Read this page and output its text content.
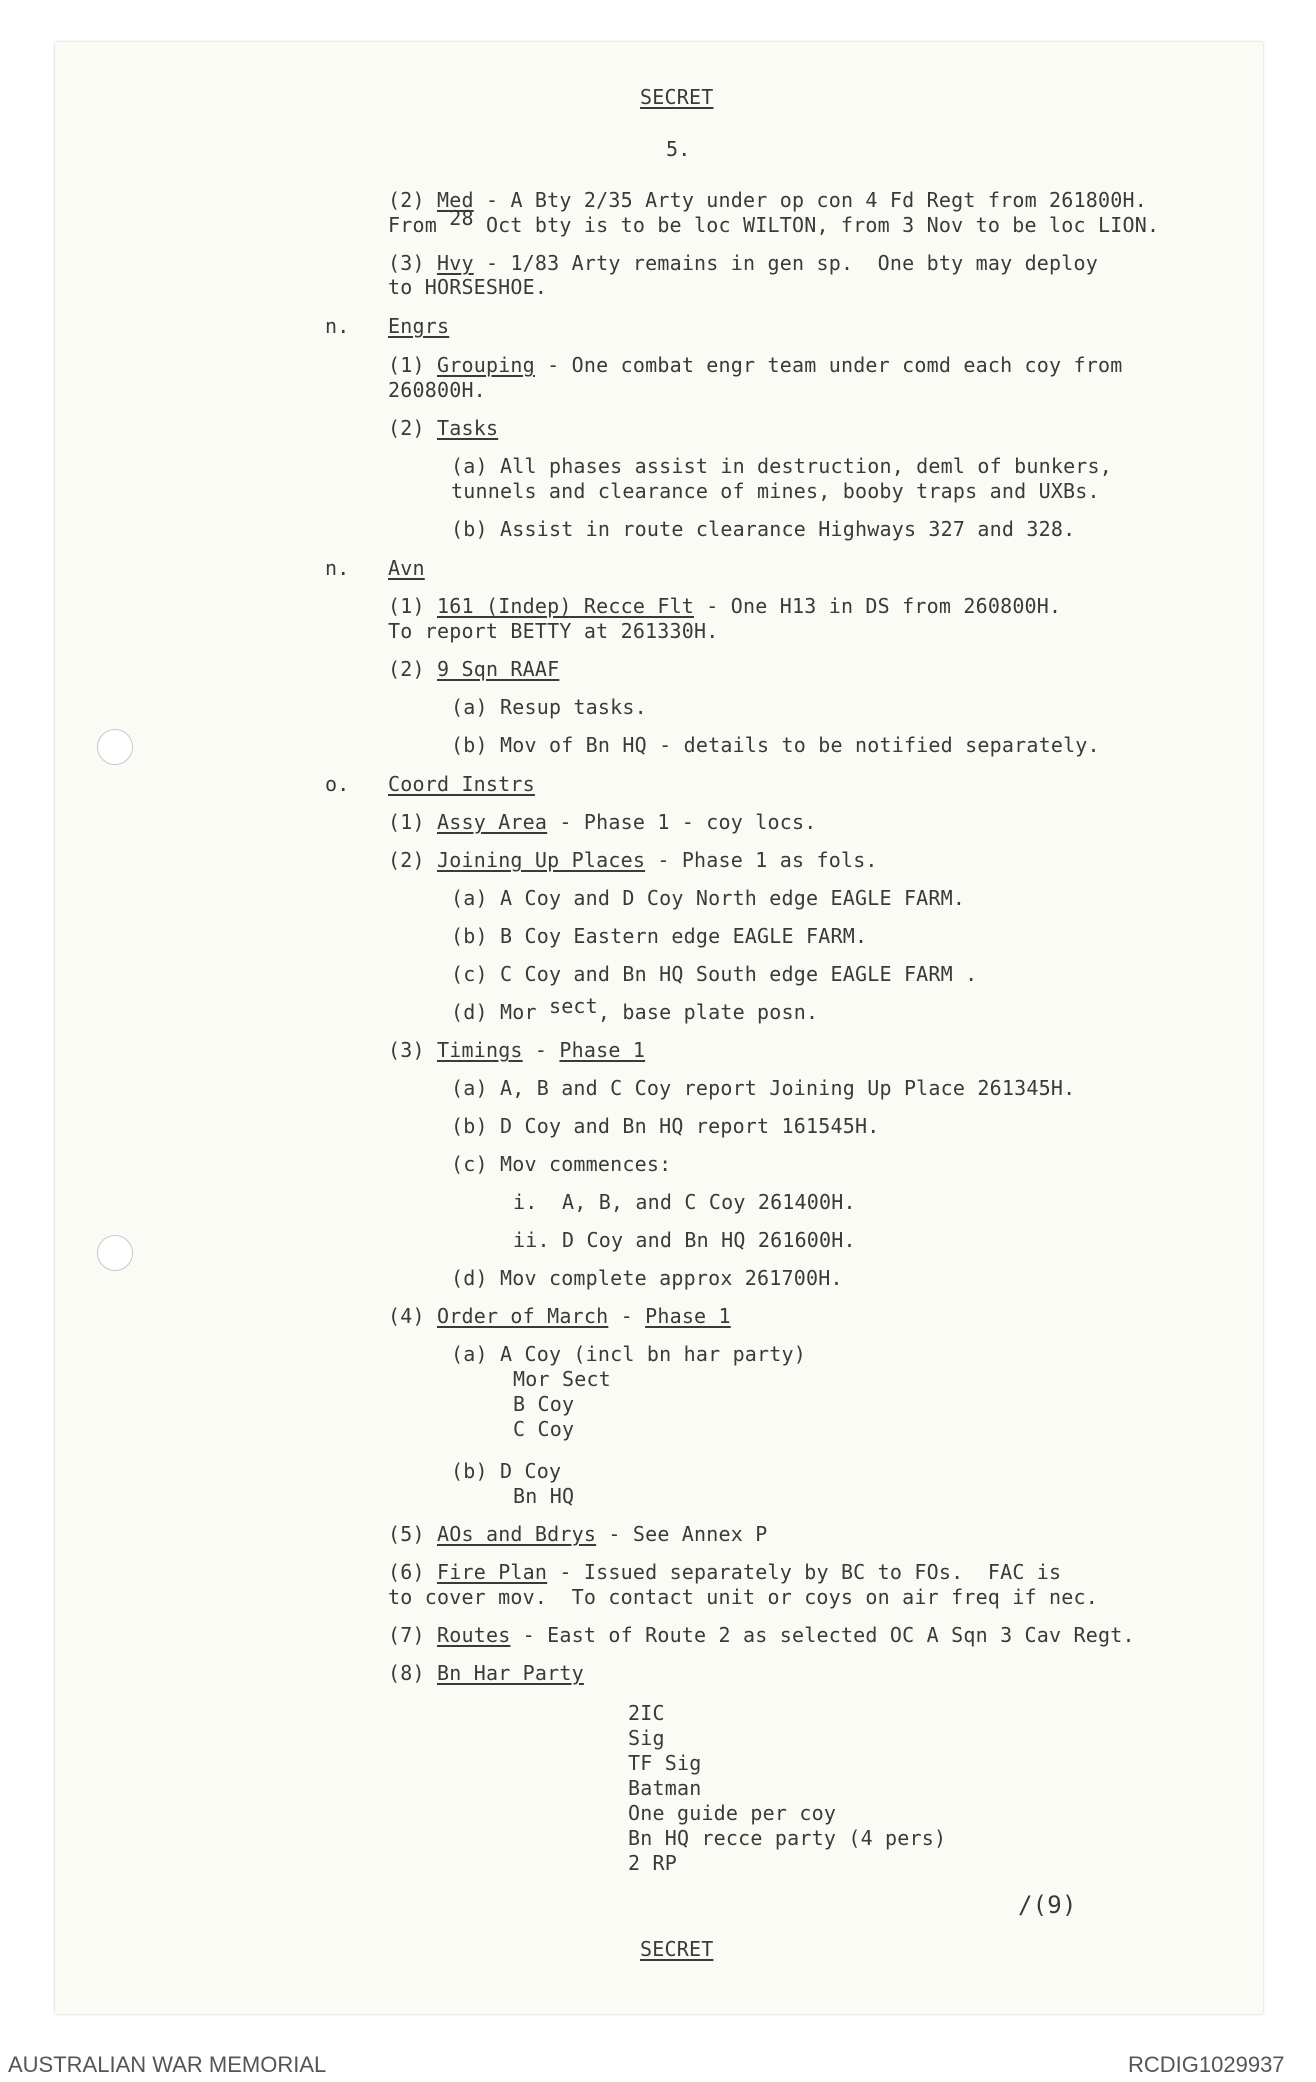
SECRET
5.
(2) Med - A Bty 2/35 Arty under op con 4 Fd Regt from 261800H.
From 28 Oct bty is to be loc WILTON, from 3 Nov to be loc LION.
(3) Hvy - 1/83 Arty remains in gen sp.  One bty may deploy
to HORSESHOE.
n. Engrs
(1) Grouping - One combat engr team under comd each coy from
260800H.
(2) Tasks
(a) All phases assist in destruction, deml of bunkers,
tunnels and clearance of mines, booby traps and UXBs.
(b) Assist in route clearance Highways 327 and 328.
n. Avn
(1) 161 (Indep) Recce Flt - One H13 in DS from 260800H.
To report BETTY at 261330H.
(2) 9 Sqn RAAF
(a) Resup tasks.
(b) Mov of Bn HQ - details to be notified separately.
o. Coord Instrs
(1) Assy Area - Phase 1 - coy locs.
(2) Joining Up Places - Phase 1 as fols.
(a) A Coy and D Coy North edge EAGLE FARM.
(b) B Coy Eastern edge EAGLE FARM.
(c) C Coy and Bn HQ South edge EAGLE FARM .
(d) Mor sect, base plate posn.
(3) Timings - Phase 1
(a) A, B and C Coy report Joining Up Place 261345H.
(b) D Coy and Bn HQ report 161545H.
(c) Mov commences:
i. A, B, and C Coy 261400H.
ii. D Coy and Bn HQ 261600H.
(d) Mov complete approx 261700H.
(4) Order of March - Phase 1
(a) A Coy (incl bn har party)
Mor Sect
B Coy
C Coy
(b) D Coy
Bn HQ
(5) AOs and Bdrys - See Annex P
(6) Fire Plan - Issued separately by BC to FOs.  FAC is
to cover mov.  To contact unit or coys on air freq if nec.
(7) Routes - East of Route 2 as selected OC A Sqn 3 Cav Regt.
(8) Bn Har Party
2IC
Sig
TF Sig
Batman
One guide per coy
Bn HQ recce party (4 pers)
2 RP
/(9)
SECRET
AUSTRALIAN WAR MEMORIAL	RCDIG1029937
